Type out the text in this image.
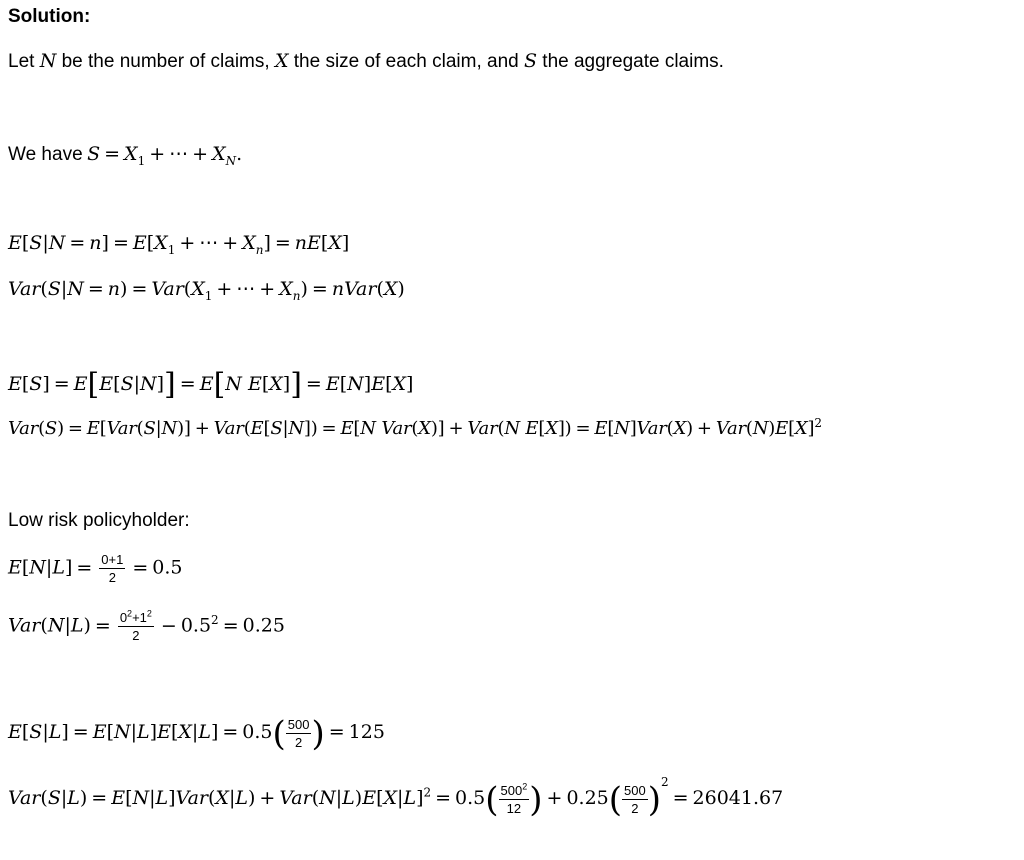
Solution:
Let N be the number of claims, X the size of each claim, and S the aggregate claims.
We have $S = X_1$ + ⋯ + $X_N$.
$E[S|N = n] = E[X_1$ + ⋯ + $X_n] = nE[X]$
$Var(S|N = n) = Var(X_1$ + ⋯ + $X_n$) = nVar(X)
E[S] = E[E[S|N]] = E[N E[X]] = E[N]E[X]
Var(S) = E[Var(S|N)] + Var(E[S|N]) = E[N Var(X)] + Var(N $E[X]) = E[N]Var(X) + Var(N)E[X]^2$
Low risk policyholder:
$E[N|L] = \frac{0+1}{2} = 0.5$
$Var(N|L) = \frac{0^2+1^2}{2} - 0.5^2 = 0.25$
$E[S|L] = E[N|L]E[X|L] = 0.5( \frac{500}{2}$ ) = 125
$Var(S|L) = E[N|L]Var(X|L) + Var(N|L)E[X|L]^2 = 0.5( \frac{500^2}{12}$ ) + $0.25( \frac{500}{2} )^2= 26041.67$
